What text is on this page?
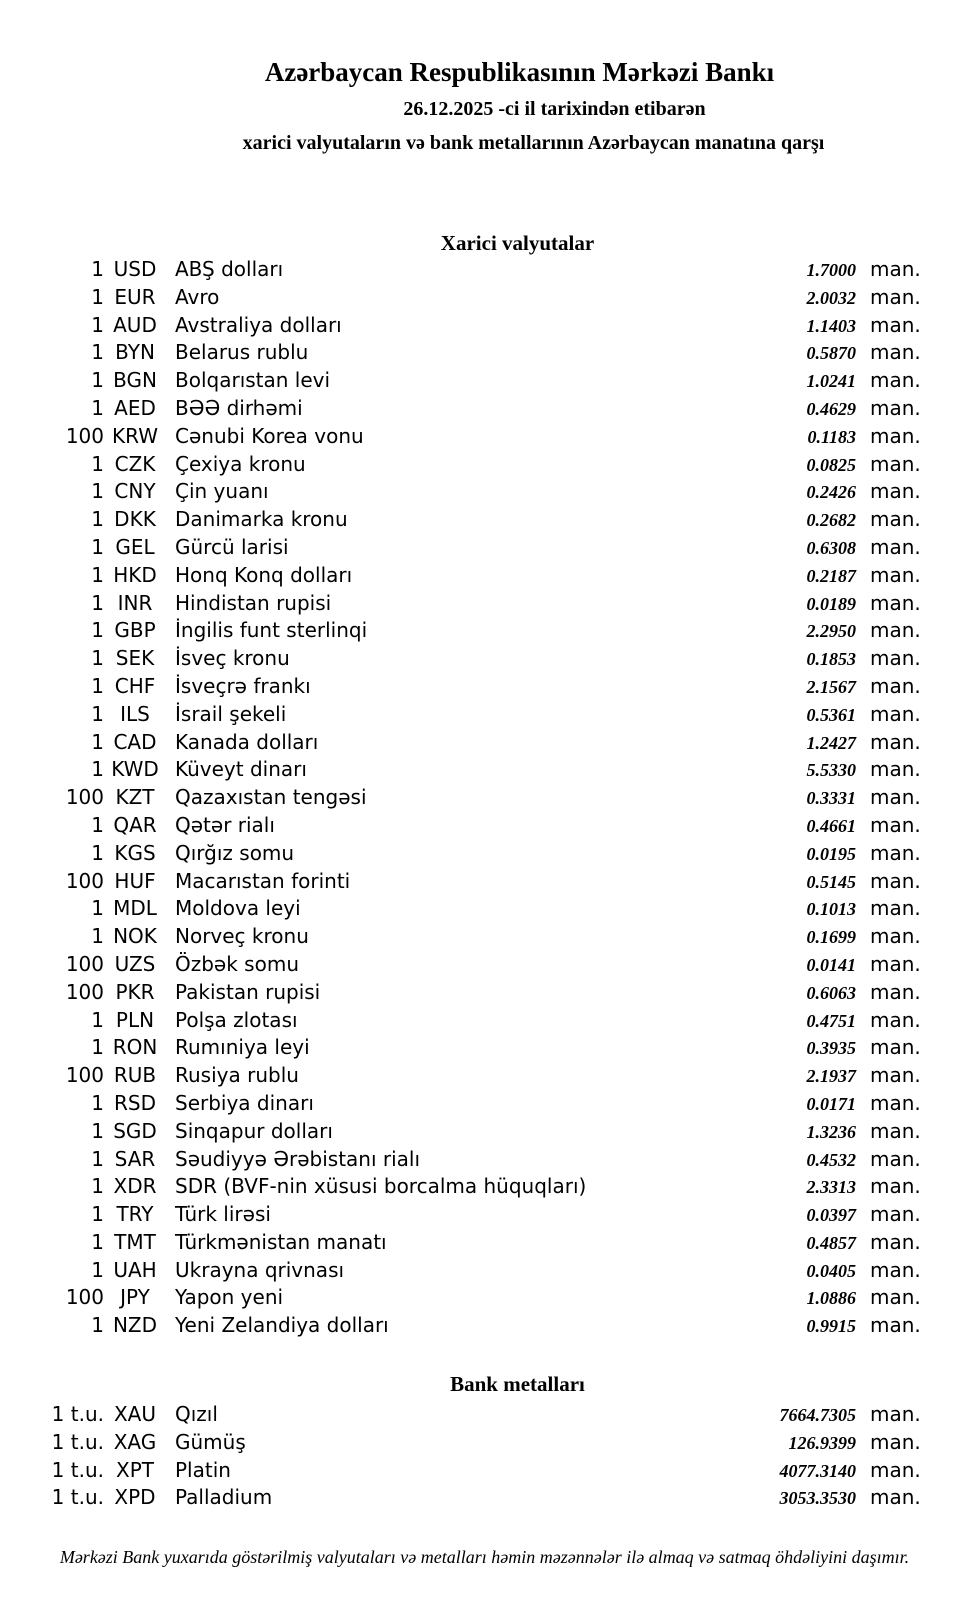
Azərbaycan Respublikasının Mərkəzi Bankı
26.12.2025 -ci il tarixindən etibarən
xarici valyutaların və bank metallarının Azərbaycan manatına qarşı
Xarici valyutalar
1 USD ABŞ dolları	1.7000 man.
1 EUR Avro	2.0032 man.
1 AUD Avstraliya dolları	1.1403 man.
1 BYN	Belarus rublu	0.5870 man.
1 BGN Bolqarıstan levi	1.0241 man.
1 AED BƏƏ dirhəmi	0.4629 man.
100 KRW Cənubi Korea vonu	0.1183 man.
1 CZK Çexiya kronu	0.0825 man.
1 CNY Çin yuanı	0.2426 man.
1 DKK Danimarka kronu	0.2682 man.
1 GEL	Gürcü larisi	0.6308 man.
1 HKD Honq Konq dolları	0.2187 man.
1 INR	Hindistan rupisi	0.0189 man.
1 GBP İngilis funt sterlinqi	2.2950 man.
1 SEK	İsveç kronu	0.1853 man.
1 CHF İsveçrə frankı	2.1567 man.
1 ILS	İsrail şekeli	0.5361 man.
1 CAD Kanada dolları	1.2427 man.
1 KWD Küveyt dinarı	5.5330 man.
100 KZT	Qazaxıstan tengəsi	0.3331 man.
1 QAR Qətər rialı	0.4661 man.
1 KGS Qırğız somu	0.0195 man.
100 HUF Macarıstan forinti	0.5145 man.
1 MDL Moldova leyi	0.1013 man.
1 NOK Norveç kronu	0.1699 man.
100 UZS Özbək somu	0.0141 man.
100 PKR	Pakistan rupisi	0.6063 man.
1 PLN	Polşa zlotası	0.4751 man.
1 RON Rumıniya leyi	0.3935 man.
100 RUB Rusiya rublu	2.1937 man.
1 RSD Serbiya dinarı	0.0171 man.
1 SGD Sinqapur dolları	1.3236 man.
1 SAR Səudiyyə Ərəbistanı rialı	0.4532 man.
1 XDR SDR (BVF-nin xüsusi borcalma hüquqları)	2.3313 man.
1 TRY	Türk lirəsi	0.0397 man.
1 TMT Türkmənistan manatı	0.4857 man.
1 UAH Ukrayna qrivnası	0.0405 man.
100 JPY	Yapon yeni	1.0886 man.
1 NZD Yeni Zelandiya dolları	0.9915 man.
Bank metalları
1 t.u. XAU Qızıl	7664.7305 man.
1 t.u. XAG Gümüş	126.9399 man.
1 t.u. XPT	Platin	4077.3140 man.
1 t.u. XPD Palladium	3053.3530 man.
Mərkəzi Bank yuxarıda göstərilmiş valyutaları və metalları həmin məzənnələr ilə almaq və satmaq öhdəliyini daşımır.
